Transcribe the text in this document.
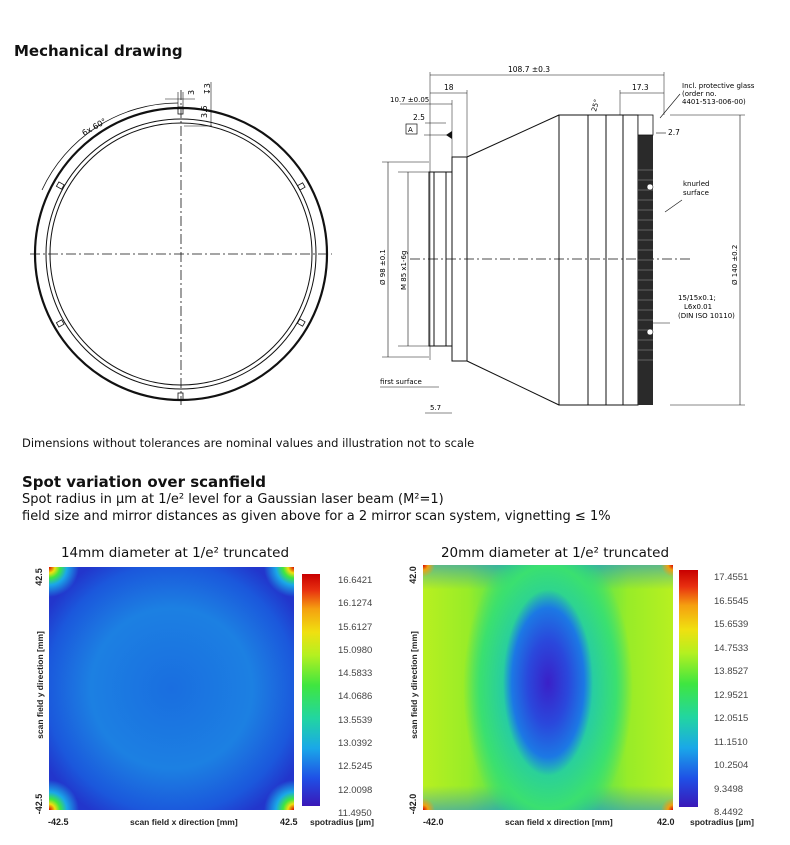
Mechanical drawing
6x 60°
3
3.5
↧3
108.7 ±0.3
18
10.7 ±0.05
2.5
A
17.3
25°
2.7
Incl. protective glass
(order no.
4401-513-006-00)
knurled
surface
Ø 98 ±0.1 M 85 x1-6g	Ø 140 ±0.2
15/15x0.1;
L6x0.01
(DIN ISO 10110)
first surface
5.7
Dimensions without tolerances are nominal values and illustration not to scale
Spot variation over scanfield
Spot radius in µm at 1/e² level for a Gaussian laser beam (M²=1)
field size and mirror distances as given above for a 2 mirror scan system, vignetting ≤ 1%
14mm diameter at 1/e² truncated
42.5
-42.5
scan field y direction [mm]
-42.5	42.5
scan field x direction [mm]
16.6421
16.1274
15.6127
15.0980
14.5833
14.0686
13.5539
13.0392
12.5245
12.0098
11.4950
spotradius [µm]
20mm diameter at 1/e² truncated
42.0
-42.0
scan field y direction [mm]
-42.0	42.0
scan field x direction [mm]
17.4551
16.5545
15.6539
14.7533
13.8527
12.9521
12.0515
11.1510
10.2504
9.3498
8.4492
spotradius [µm]
